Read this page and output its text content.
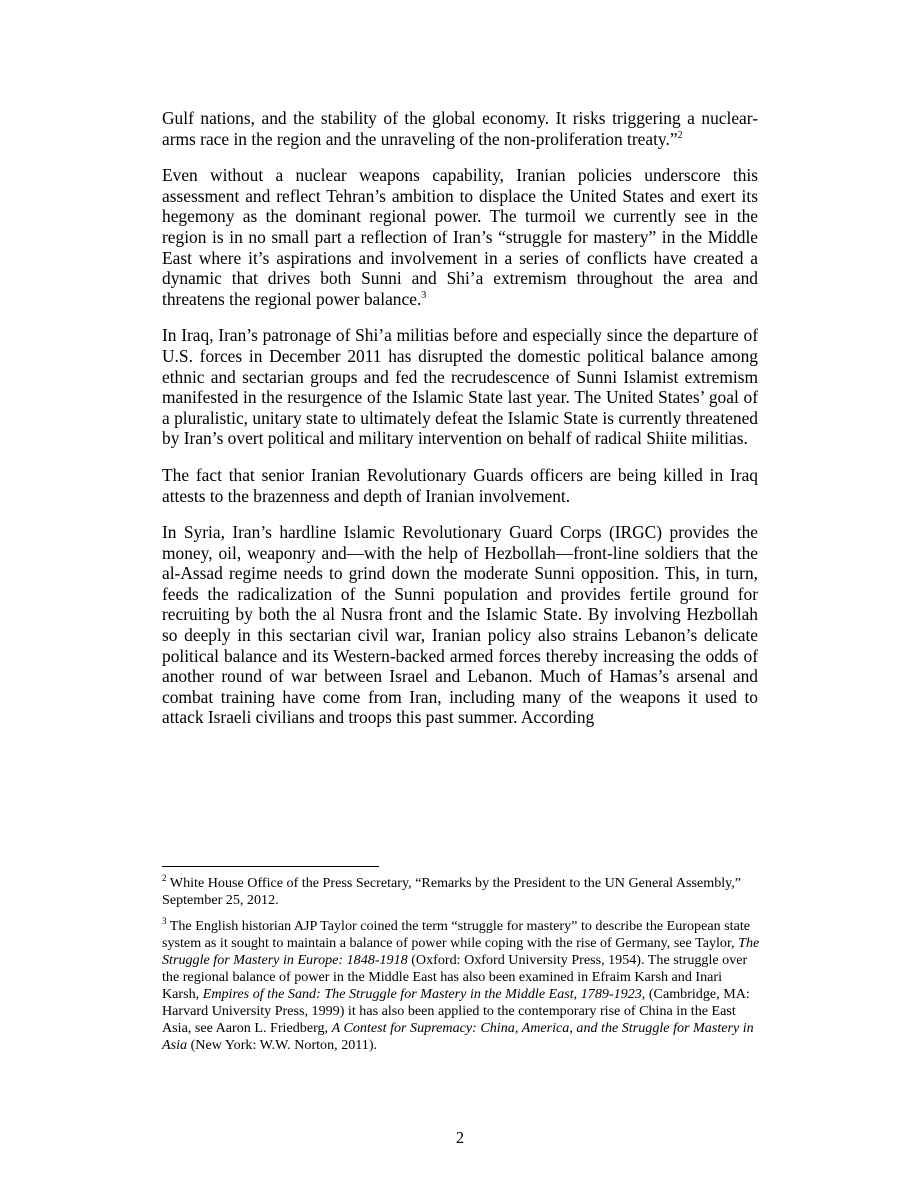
Gulf nations, and the stability of the global economy. It risks triggering a nuclear-arms race in the region and the unraveling of the non-proliferation treaty.”$^2$

Even without a nuclear weapons capability, Iranian policies underscore this assessment and reflect Tehran’s ambition to displace the United States and exert its hegemony as the dominant regional power. The turmoil we currently see in the region is in no small part a reflection of Iran’s “struggle for mastery” in the Middle East where it’s aspirations and involvement in a series of conflicts have created a dynamic that drives both Sunni and Shi’a extremism throughout the area and threatens the regional power balance.$^3$

In Iraq, Iran’s patronage of Shi’a militias before and especially since the departure of U.S. forces in December 2011 has disrupted the domestic political balance among ethnic and sectarian groups and fed the recrudescence of Sunni Islamist extremism manifested in the resurgence of the Islamic State last year. The United States’ goal of a pluralistic, unitary state to ultimately defeat the Islamic State is currently threatened by Iran’s overt political and military intervention on behalf of radical Shiite militias.

The fact that senior Iranian Revolutionary Guards officers are being killed in Iraq attests to the brazenness and depth of Iranian involvement.

In Syria, Iran’s hardline Islamic Revolutionary Guard Corps (IRGC) provides the money, oil, weaponry and—with the help of Hezbollah—front-line soldiers that the al-Assad regime needs to grind down the moderate Sunni opposition. This, in turn, feeds the radicalization of the Sunni population and provides fertile ground for recruiting by both the al Nusra front and the Islamic State. By involving Hezbollah so deeply in this sectarian civil war, Iranian policy also strains Lebanon’s delicate political balance and its Western-backed armed forces thereby increasing the odds of another round of war between Israel and Lebanon. Much of Hamas’s arsenal and combat training have come from Iran, including many of the weapons it used to attack Israeli civilians and troops this past summer. According

$^2$ White House Office of the Press Secretary, “Remarks by the President to the UN General Assembly,” September 25, 2012.

$^3$ The English historian AJP Taylor coined the term “struggle for mastery” to describe the European state system as it sought to maintain a balance of power while coping with the rise of Germany, see Taylor, The Struggle for Mastery in Europe: 1848-1918 (Oxford: Oxford University Press, 1954). The struggle over the regional balance of power in the Middle East has also been examined in Efraim Karsh and Inari Karsh, Empires of the Sand: The Struggle for Mastery in the Middle East, 1789-1923, (Cambridge, MA: Harvard University Press, 1999) it has also been applied to the contemporary rise of China in the East Asia, see Aaron L. Friedberg, A Contest for Supremacy: China, America, and the Struggle for Mastery in Asia (New York: W.W. Norton, 2011).

2
